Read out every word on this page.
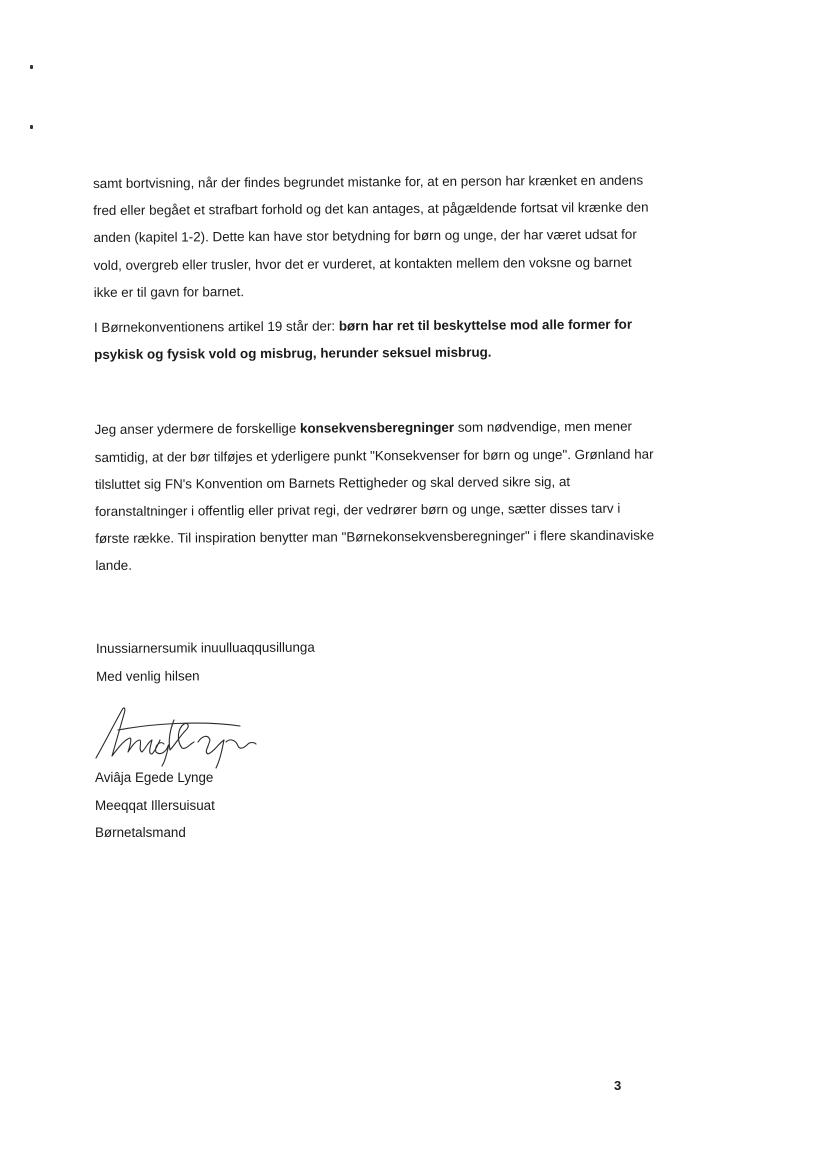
samt bortvisning, når der findes begrundet mistanke for, at en person har krænket en andens fred eller begået et strafbart forhold og det kan antages, at pågældende fortsat vil krænke den anden (kapitel 1-2). Dette kan have stor betydning for børn og unge, der har været udsat for vold, overgreb eller trusler, hvor det er vurderet, at kontakten mellem den voksne og barnet ikke er til gavn for barnet.

I Børnekonventionens artikel 19 står der: børn har ret til beskyttelse mod alle former for psykisk og fysisk vold og misbrug, herunder seksuel misbrug.

Jeg anser ydermere de forskellige konsekvensberegninger som nødvendige, men mener samtidig, at der bør tilføjes et yderligere punkt "Konsekvenser for børn og unge". Grønland har tilsluttet sig FN's Konvention om Barnets Rettigheder og skal derved sikre sig, at foranstaltninger i offentlig eller privat regi, der vedrører børn og unge, sætter disses tarv i første række. Til inspiration benytter man "Børnekonsekvensberegninger" i flere skandinaviske lande.

Inussiarnersumik inuulluaqqusillunga

Med venlig hilsen

Aviâja Egede Lynge
Meeqqat Illersuisuat
Børnetalsmand
3
